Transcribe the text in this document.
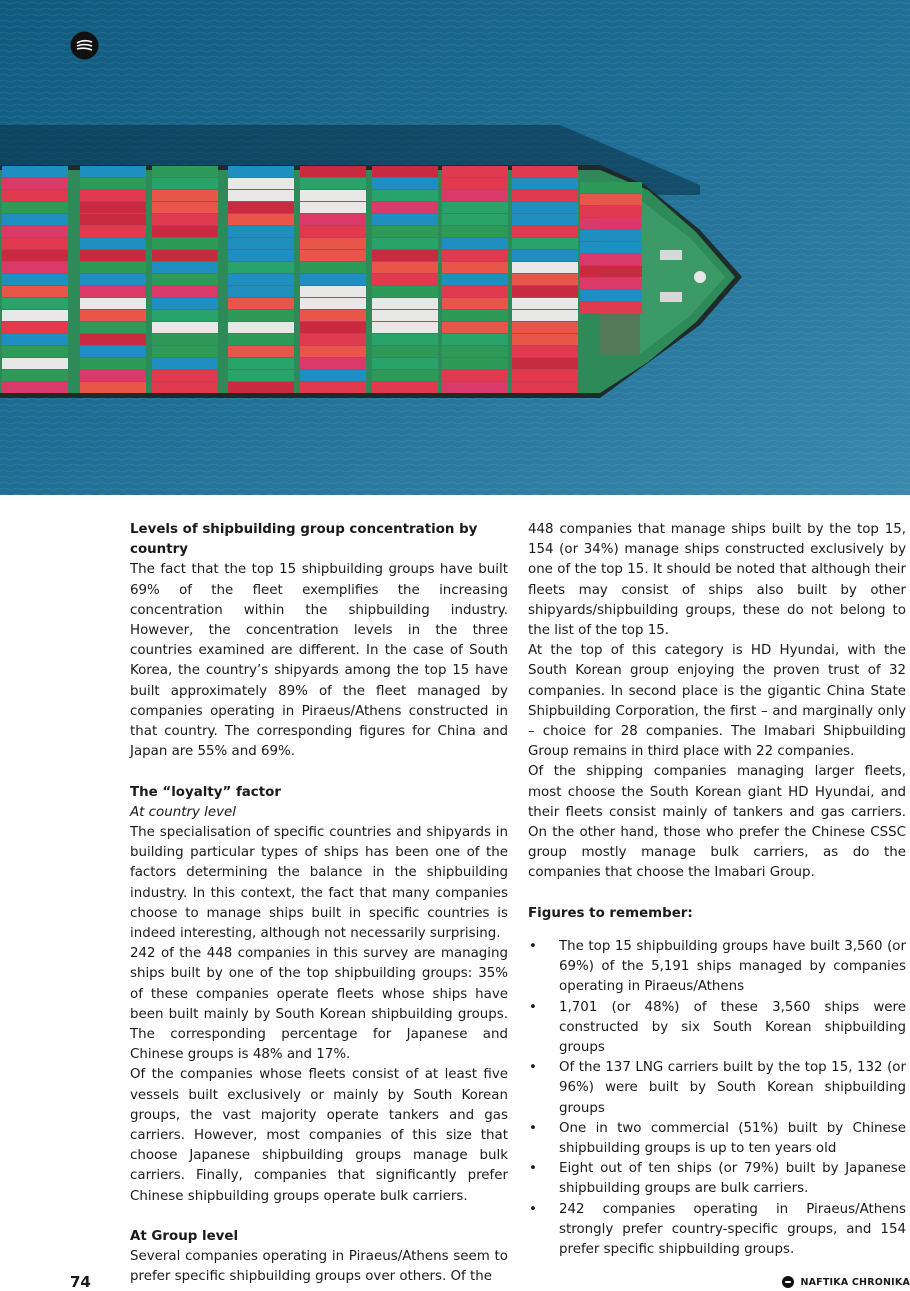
Levels of shipbuilding group concentration by country

The fact that the top 15 shipbuilding groups have built 69% of the fleet exemplifies the increasing concentration within the shipbuilding industry. However, the concentration levels in the three countries examined are different. In the case of South Korea, the country’s shipyards among the top 15 have built approximately 89% of the fleet managed by companies operating in Piraeus/Athens constructed in that country. The corresponding figures for China and Japan are 55% and 69%.

The “loyalty” factor

At country level

The specialisation of specific countries and shipyards in building particular types of ships has been one of the factors determining the balance in the shipbuilding industry. In this context, the fact that many companies choose to manage ships built in specific countries is indeed interesting, although not necessarily surprising.

242 of the 448 companies in this survey are managing ships built by one of the top shipbuilding groups: 35% of these companies operate fleets whose ships have been built mainly by South Korean shipbuilding groups. The corresponding percentage for Japanese and Chinese groups is 48% and 17%.

Of the companies whose fleets consist of at least five vessels built exclusively or mainly by South Korean groups, the vast majority operate tankers and gas carriers. However, most companies of this size that choose Japanese shipbuilding groups manage bulk carriers. Finally, companies that significantly prefer Chinese shipbuilding groups operate bulk carriers.

At Group level

Several companies operating in Piraeus/Athens seem to prefer specific shipbuilding groups over others. Of the

448 companies that manage ships built by the top 15, 154 (or 34%) manage ships constructed exclusively by one of the top 15. It should be noted that although their fleets may consist of ships also built by other shipyards/shipbuilding groups, these do not belong to the list of the top 15.

At the top of this category is HD Hyundai, with the South Korean group enjoying the proven trust of 32 companies. In second place is the gigantic China State Shipbuilding Corporation, the first – and marginally only – choice for 28 companies. The Imabari Shipbuilding Group remains in third place with 22 companies.

Of the shipping companies managing larger fleets, most choose the South Korean giant HD Hyundai, and their fleets consist mainly of tankers and gas carriers. On the other hand, those who prefer the Chinese CSSC group mostly manage bulk carriers, as do the companies that choose the Imabari Group.

Figures to remember:

• The top 15 shipbuilding groups have built 3,560 (or 69%) of the 5,191 ships managed by companies operating in Piraeus/Athens
• 1,701 (or 48%) of these 3,560 ships were constructed by six South Korean shipbuilding groups
• Of the 137 LNG carriers built by the top 15, 132 (or 96%) were built by South Korean shipbuilding groups
• One in two commercial (51%) built by Chinese shipbuilding groups is up to ten years old
• Eight out of ten ships (or 79%) built by Japanese shipbuilding groups are bulk carriers.
• 242 companies operating in Piraeus/Athens strongly prefer country-specific groups, and 154 prefer specific shipbuilding groups.
74	NAFTIKA CHRONIKA
